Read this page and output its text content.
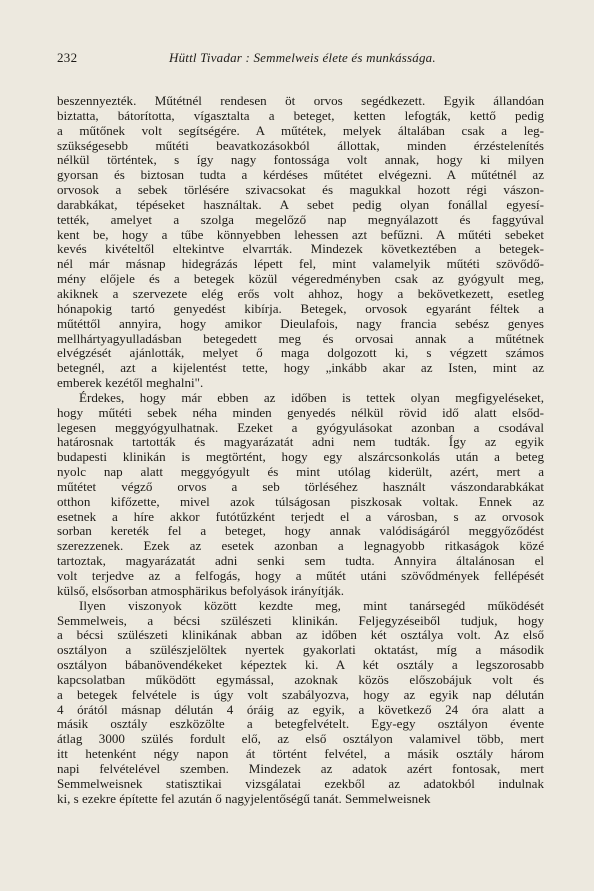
232	Hüttl Tivadar : Semmelweis élete és munkássága.
beszennyezték. Műtétnél rendesen öt orvos segédkezett. Egyik állandóan
biztatta, bátorította, vígasztalta a beteget, ketten lefogták, kettő pedig
a műtőnek volt segítségére. A műtétek, melyek általában csak a leg-
szükségesebb műtéti beavatkozásokból állottak, minden érzéstelenítés
nélkül történtek, s így nagy fontossága volt annak, hogy ki milyen
gyorsan és biztosan tudta a kérdéses műtétet elvégezni. A műtétnél az
orvosok a sebek törlésére szivacsokat és magukkal hozott régi vászon-
darabkákat, tépéseket használtak. A sebet pedig olyan fonállal egyesí-
tették, amelyet a szolga megelőző nap megnyálazott és faggyúval
kent be, hogy a tűbe könnyebben lehessen azt befűzni. A műtéti sebeket
kevés kivételtől eltekintve elvarrták. Mindezek következtében a betegek-
nél már másnap hidegrázás lépett fel, mint valamelyik műtéti szövődő-
mény előjele és a betegek közül végeredményben csak az gyógyult meg,
akiknek a szervezete elég erős volt ahhoz, hogy a bekövetkezett, esetleg
hónapokig tartó genyedést kibírja. Betegek, orvosok egyaránt féltek a
műtéttől annyira, hogy amikor Dieulafois, nagy francia sebész genyes
mellhártyagyulladásban betegedett meg és orvosai annak a műtétnek
elvégzését ajánlották, melyet ő maga dolgozott ki, s végzett számos
betegnél, azt a kijelentést tette, hogy „inkább akar az Isten, mint az
emberek kezétől meghalni".
Érdekes, hogy már ebben az időben is tettek olyan megfigyeléseket,
hogy műtéti sebek néha minden genyedés nélkül rövid idő alatt elsőd-
legesen meggyógyulhatnak. Ezeket a gyógyulásokat azonban a csodával
határosnak tartották és magyarázatát adni nem tudták. Így az egyik
budapesti klinikán is megtörtént, hogy egy alszárcsonkolás után a beteg
nyolc nap alatt meggyógyult és mint utólag kiderült, azért, mert a
műtétet végző orvos a seb törléséhez használt vászondarabkákat
otthon kifőzette, mivel azok túlságosan piszkosak voltak. Ennek az
esetnek a híre akkor futótűzként terjedt el a városban, s az orvosok
sorban kereték fel a beteget, hogy annak valódiságáról meggyőződést
szerezzenek. Ezek az esetek azonban a legnagyobb ritkaságok közé
tartoztak, magyarázatát adni senki sem tudta. Annyira általánosan el
volt terjedve az a felfogás, hogy a műtét utáni szövődmények fellépését
külső, elsősorban atmosphärikus befolyások irányítják.
Ilyen viszonyok között kezdte meg, mint tanársegéd működését
Semmelweis, a bécsi szülészeti klinikán. Feljegyzéseiből tudjuk, hogy
a bécsi szülészeti klinikának abban az időben két osztálya volt. Az első
osztályon a szülészjelöltek nyertek gyakorlati oktatást, míg a második
osztályon bábanövendékeket képeztek ki. A két osztály a legszorosabb
kapcsolatban működött egymással, azoknak közös előszobájuk volt és
a betegek felvétele is úgy volt szabályozva, hogy az egyik nap délután
4 órától másnap délután 4 óráig az egyik, a következő 24 óra alatt a
másik osztály eszközölte a betegfelvételt. Egy-egy osztályon évente
átlag 3000 szülés fordult elő, az első osztályon valamivel több, mert
itt hetenként négy napon át történt felvétel, a másik osztály három
napi felvételével szemben. Mindezek az adatok azért fontosak, mert
Semmelweisnek statisztikai vizsgálatai ezekből az adatokból indulnak
ki, s ezekre építette fel azután ő nagyjelentőségű tanát. Semmelweisnek
